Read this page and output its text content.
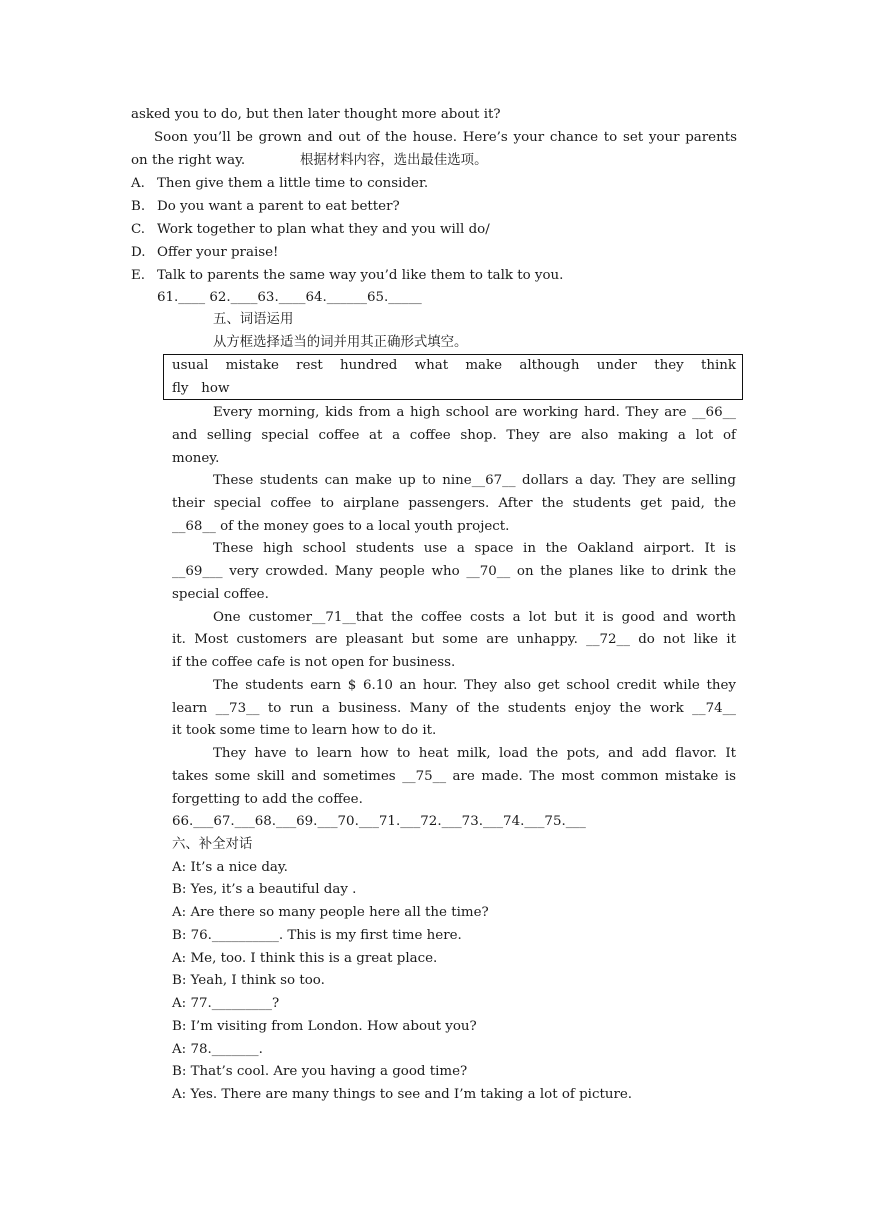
asked you to do, but then later thought more about it?
Soon you’ll be grown and out of the house. Here’s your chance to set your parents
on the right way.	根据材料内容，选出最佳选项。
A. Then give them a little time to consider.
B. Do you want a parent to eat better?
C. Work together to plan what they and you will do/
D. Offer your praise!
E. Talk to parents the same way you’d like them to talk to you.
61.____ 62.____63.____64.______65._____
五、词语运用
从方框选择适当的词并用其正确形式填空。
usual mistake rest hundred what make although under they think
fly   how
Every morning, kids from a high school are working hard. They are __66__
and selling special coffee at a coffee shop. They are also making a lot of
money.
These students can make up to nine__67__ dollars a day. They are selling
their special coffee to airplane passengers. After the students get paid, the
__68__ of the money goes to a local youth project.
These high school students use a space in the Oakland airport. It is
__69___ very crowded. Many people who __70__ on the planes like to drink the
special coffee.
One customer__71__that the coffee costs a lot but it is good and worth
it. Most customers are pleasant but some are unhappy. __72__ do not like it
if the coffee cafe is not open for business.
The students earn $ 6.10 an hour. They also get school credit while they
learn __73__ to run a business. Many of the students enjoy the work __74__
it took some time to learn how to do it.
They have to learn how to heat milk, load the pots, and add flavor. It
takes some skill and sometimes __75__ are made. The most common mistake is
forgetting to add the coffee.
66.___67.___68.___69.___70.___71.___72.___73.___74.___75.___
六、补全对话
A: It’s a nice day.
B: Yes, it’s a beautiful day .
A: Are there so many people here all the time?
B: 76.__________. This is my first time here.
A: Me, too. I think this is a great place.
B: Yeah, I think so too.
A: 77._________?
B: I’m visiting from London. How about you?
A: 78._______.
B: That’s cool. Are you having a good time?
A: Yes. There are many things to see and I’m taking a lot of picture.
